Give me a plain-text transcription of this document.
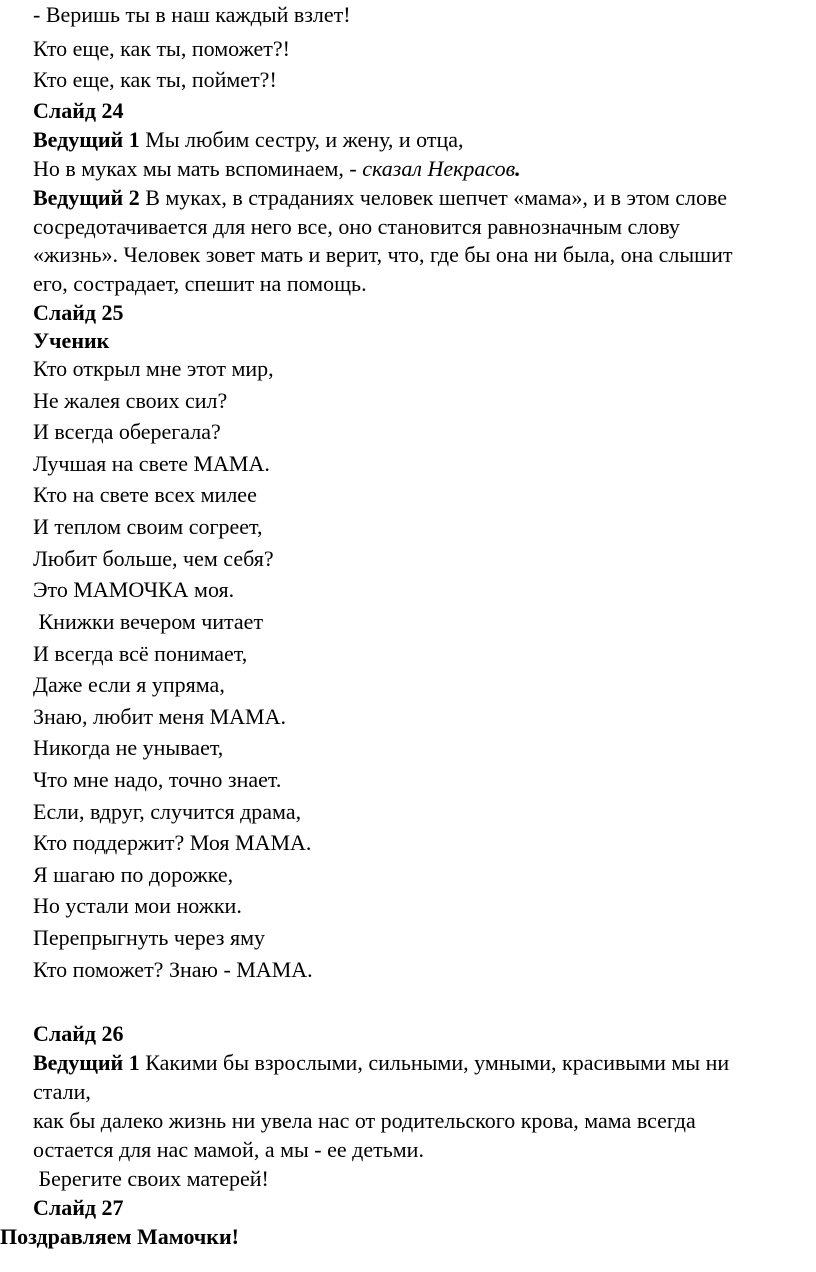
- Веришь ты в наш каждый взлет!
Кто еще, как ты, поможет?!
Кто еще, как ты, поймет?!
Слайд 24
Ведущий 1 Мы любим сестру, и жену, и отца,
Но в муках мы мать вспоминаем, - сказал Некрасов.
Ведущий 2 В муках, в страданиях человек шепчет «мама», и в этом слове
сосредотачивается для него все, оно становится равнозначным слову
«жизнь». Человек зовет мать и верит, что, где бы она ни была, она слышит
его, сострадает, спешит на помощь.
Слайд 25
Ученик
Кто открыл мне этот мир,
Не жалея своих сил?
И всегда оберегала?
Лучшая на свете МАМА.
Кто на свете всех милее
И теплом своим согреет,
Любит больше, чем себя?
Это МАМОЧКА моя.
Книжки вечером читает
И всегда всё понимает,
Даже если я упряма,
Знаю, любит меня МАМА.
Никогда не унывает,
Что мне надо, точно знает.
Если, вдруг, случится драма,
Кто поддержит? Моя МАМА.
Я шагаю по дорожке,
Но устали мои ножки.
Перепрыгнуть через яму
Кто поможет? Знаю - МАМА.
Слайд 26
Ведущий 1 Какими бы взрослыми, сильными, умными, красивыми мы ни
стали,
как бы далеко жизнь ни увела нас от родительского крова, мама всегда
остается для нас мамой, а мы - ее детьми.
Берегите своих матерей!
Слайд 27
Поздравляем Мамочки!
